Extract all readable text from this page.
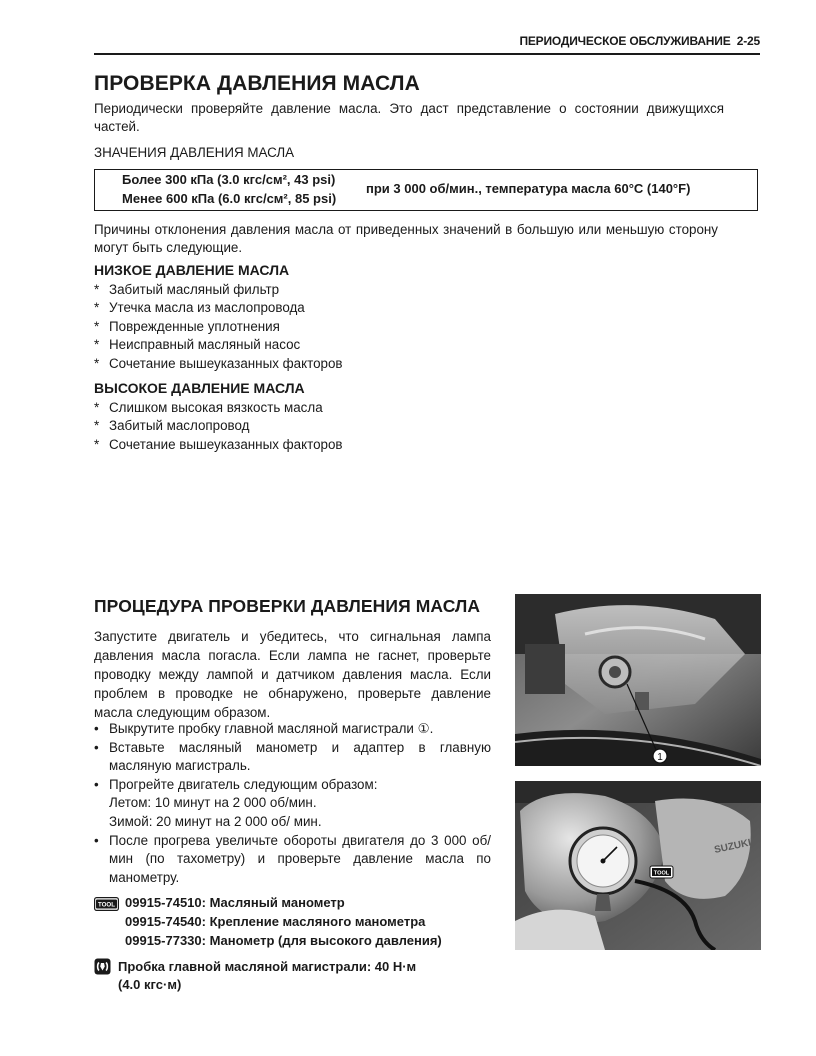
ПЕРИОДИЧЕСКОЕ ОБСЛУЖИВАНИЕ 2-25
ПРОВЕРКА ДАВЛЕНИЯ МАСЛА

Периодически проверяйте давление масла. Это даст представление о состоянии движущихся частей.

ЗНАЧЕНИЯ ДАВЛЕНИЯ МАСЛА
Более 300 кПа (3.0 кгс/см², 43 psi)
Менее 600 кПа (6.0 кгс/см², 85 psi)
при 3 000 об/мин., температура масла 60°C (140°F)

Причины отклонения давления масла от приведенных значений в большую или меньшую сторону могут быть следующие.

НИЗКОЕ ДАВЛЕНИЕ МАСЛА
* Забитый масляный фильтр
* Утечка масла из маслопровода
* Поврежденные уплотнения
* Неисправный масляный насос
* Сочетание вышеуказанных факторов
ВЫСОКОЕ ДАВЛЕНИЕ МАСЛА
* Слишком высокая вязкость масла
* Забитый маслопровод
* Сочетание вышеуказанных факторов
ПРОЦЕДУРА ПРОВЕРКИ ДАВЛЕНИЯ МАСЛА

Запустите двигатель и убедитесь, что сигнальная лампа давления масла погасла. Если лампа не гаснет, проверьте проводку между лампой и датчиком давления масла. Если проблем в проводке не обнаружено, проверьте давление масла следующим образом.

• Выкрутите пробку главной масляной магистрали ①.
• Вставьте масляный манометр и адаптер в главную масляную магистраль.
• Прогрейте двигатель следующим образом:
Летом: 10 минут на 2 000 об/мин.
Зимой: 20 минут на 2 000 об/ мин.
• После прогрева увеличьте обороты двигателя до 3 000 об/мин (по тахометру) и проверьте давление масла по манометру.
TOOL 09915-74510: Масляный манометр
09915-74540: Крепление масляного манометра
09915-77330: Манометр (для высокого давления)
Пробка главной масляной магистрали: 40 Н·м
(4.0 кгс·м)
1
SUZUKI
TOOL
